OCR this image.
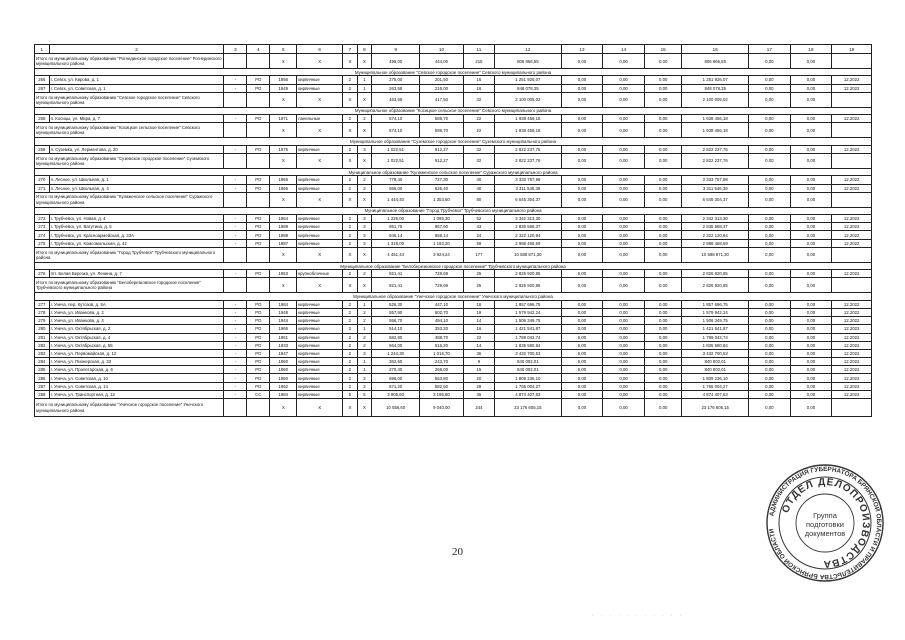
1	2	3	4	5	6	7	8	9	10	11	12	13	14	15	16	17	18	19
Итого по муниципальному образованию "Рогнединское городское поселение" Рогнединского муниципального района				Х	Х	Х	Х	499,00	444,00	215	806 866,55	0,00	0,00	0,00	806 866,55	0,00	0,00	
Муниципальное образование "Севское городское поселение" Севского муниципального района																		
266	г. Севск, ул. Кирова, д. 1	-	РО	1956	кирпичные	2	1	275,00	201,50	16	1 251 926,07	0,00	0,00	0,00	1 251 926,07	0,00	0,00	12.2022
267	г. Севск, ул. Советская, д. 1	-	РО	1949	кирпичные	2	1	263,58	216,00	16	848 078,35	0,00	0,00	0,00	848 078,35	0,00	0,00	12.2022
Итого по муниципальному образованию "Севское городское поселение" Севского муниципального района				Х	Х	Х	Х	463,58	417,50	32	2 100 005,02	0,00	0,00	0,00	2 100 005,02	0,00	0,00	
Муниципальное образование "Косицкое сельское поселение" Севского муниципального района																		
268	п. Косицы, ул. Мира, д. 7	-	РО	1971	панельные	2	2	574,10	589,70	22	1 938 456,18	0,00	0,00	0,00	1 938 456,18	0,00	0,00	12.2022
Итого по муниципальному образованию "Косицкое сельское поселение" Севского муниципального района				Х	Х	Х	Х	574,10	589,70	22	1 938 456,18	0,00	0,00	0,00	1 938 456,18	0,00	0,00	
Муниципальное образование "Суземское городское поселение" Суземского муниципального района																		
269	п. Суземка, ул. Лермонтова, д. 20	-	РО	1975	кирпичные	2	3	1 022,51	912,27	32	2 822 237,76	0,00	0,00	0,00	2 822 237,76	0,00	0,00	12.2022
Итого по муниципальному образованию "Суземское городское поселение" Суземского муниципального района				Х	Х	Х	Х	1 022,51	912,27	32	2 822 237,76	0,00	0,00	0,00	2 822 237,76	0,00	0,00	
Муниципальное образование "Кулаженское сельское поселение" Суражского муниципального района																		
270	п. Лесное, ул. Школьная, д. 1	-	РО	1966	кирпичные	2	2	778,40	727,30	40	3 333 757,98	0,00	0,00	0,00	3 333 757,98	0,00	0,00	12.2022
271	п. Лесное, ул. Школьная, д. 4	-	РО	1966	кирпичные	2	2	666,00	626,40	40	3 311 546,39	0,00	0,00	0,00	3 311 546,39	0,00	0,00	12.2022
Итого по муниципальному образованию "Кулаженское сельское поселение" Суражского муниципального района				Х	Х	Х	Х	1 444,40	1 353,60	80	6 645 304,37	0,00	0,00	0,00	6 645 304,37	0,00	0,00	
Муниципальное образование "Город Трубчевск" Трубчевского муниципального района																		
272	г. Трубчевск, ул. Новая, д. 4	-	РО	1964	кирпичные	2	3	1 226,00	1 095,30	52	2 342 313,30	0,00	0,00	0,00	2 342 313,30	0,00	0,00	12.2022
273	г. Трубчевск, ул. Ватутина, д. 5	-	РО	1989	кирпичные	2	3	951,75	867,90	43	2 835 568,37	0,00	0,00	0,00	2 835 568,37	0,00	0,00	12.2022
274	г. Трубчевск, ул. Красноармейская, д. 33А	-	РО	1988	кирпичные	2	3	946,14	858,14	24	2 322 120,94	0,00	0,00	0,00	2 322 120,94	0,00	0,00	12.2022
275	г. Трубчевск, ул. Комсомольская, д. 42	-	РО	1987	кирпичные	2	3	1 318,00	1 193,20	59	2 988 468,69	0,00	0,00	0,00	2 988 468,69	0,00	0,00	12.2022
Итого по муниципальному образованию "Город Трубчевск" Трубчевского муниципального района				Х	Х	Х	Х	4 451,44	3 924,24	177	10 588 871,30	0,00	0,00	0,00	10 588 871,30	0,00	0,00	
Муниципальное образование "Белоберезковское городское поселение" Трубчевского муниципального района																		
276	пгт. Белая Березка, ул. Ленина, д. 7	-	РО	1953	крупноблочные	2	2	821,41	729,69	25	2 826 920,85	0,00	0,00	0,00	2 826 920,85	0,00	0,00	12.2022
Итого по муниципальному образованию "Белоберезковское городское поселение" Трубчевского муниципального района				Х	Х	Х	Х	821,41	729,69	25	2 826 920,85	0,00	0,00	0,00	2 826 920,85	0,00	0,00	
Муниципальное образование "Унечское городское поселение" Унечского муниципального района																		
277	г. Унеча, пер. Кутозов, д. 5А	-	РО	1984	кирпичные	2	1	526,30	447,10	16	1 857 696,75	0,00	0,00	0,00	1 857 696,75	0,00	0,00	12.2022
278	г. Унеча, ул. Иванкова, д. 2	-	РО	1948	кирпичные	2	2	557,90	502,70	19	1 579 942,24	0,00	0,00	0,00	1 579 942,24	0,00	0,00	12.2022
279	г. Унеча, ул. Иванкова, д. 4	-	РО	1944	кирпичные	2	2	556,70	494,10	14	1 506 349,75	0,00	0,00	0,00	1 506 349,75	0,00	0,00	12.2022
280	г. Унеча, ул. Октябрьская, д. 2	-	РО	1965	кирпичные	2	1	514,10	353,20	16	1 421 541,87	0,00	0,00	0,00	1 421 541,87	0,00	0,00	12.2022
281	г. Унеча, ул. Октябрьская, д. 4	-	РО	1961	кирпичные	2	2	682,80	488,70	22	1 789 042,74	0,00	0,00	0,00	1 789 042,74	0,00	0,00	12.2022
282	г. Унеча, ул. Октябрьская, д. 55	-	РО	1933	кирпичные	2	2	564,00	516,20	14	1 835 580,84	0,00	0,00	0,00	1 835 580,84	0,00	0,00	12.2022
283	г. Унеча, ул. Первомайская, д. 12	-	РО	1947	кирпичные	2	3	1 244,30	1 016,70	36	3 432 700,53	0,00	0,00	0,00	3 432 700,53	0,00	0,00	12.2022
284	г. Унеча, ул. Пионерская, д. 33	-	РО	1960	кирпичные	2	1	362,60	243,70	9	840 002,01	0,00	0,00	0,00	840 002,01	0,00	0,00	12.2022
285	г. Унеча, ул. Пролетарская, д. 6	-	РО	1960	кирпичные	2	1	270,40	268,00	15	840 002,01	0,00	0,00	0,00	840 002,01	0,00	0,00	12.2022
286	г. Унеча, ул. Советская, д. 10	-	РО	1960	кирпичные	2	2	696,00	563,80	20	1 809 236,10	0,00	0,00	0,00	1 809 236,10	0,00	0,00	12.2022
287	г. Унеча, ул. Советская, д. 14	-	РО	1962	кирпичные	2	2	671,20	582,50	29	1 765 004,27	0,00	0,00	0,00	1 765 004,27	0,00	0,00	12.2022
288	г. Унеча, ул. Транспортная, д. 12	-	СС	1984	кирпичные	5	5	3 905,60	3 195,80	35	4 874 407,63	0,00	0,00	0,00	4 874 407,63	0,00	0,00	12.2022
Итого по муниципальному образованию "Унечское городское поселение" Унечского муниципального района				Х	Х	Х	Х	10 556,60	9 040,00	244	23 176 605,15	0,00	0,00	0,00	23 176 605,15	0,00	0,00	
20
АДМИНИСТРАЦИЯ ГУБЕРНАТОРА БРЯНСКОЙ ОБЛАСТИ И ПРАВИТЕЛЬСТВА БРЯНСКОЙ ОБЛАСТИ
ОТДЕЛ ДЕЛОПРОИЗВОДСТВА
Группа
подготовки
документов
. . . . . . . . . . .
